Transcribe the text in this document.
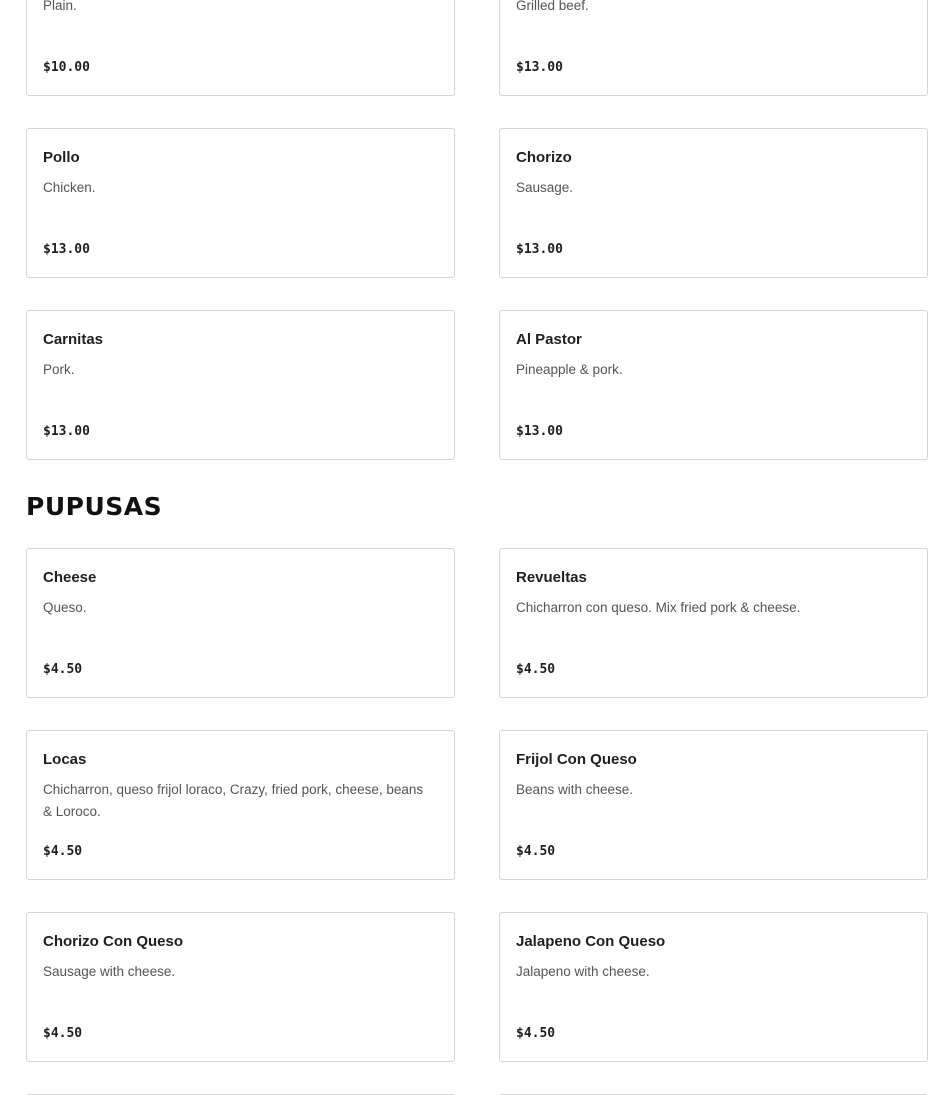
Plain.
$10.00
Grilled beef.
$13.00
Pollo
Chicken.
$13.00
Chorizo
Sausage.
$13.00
Carnitas
Pork.
$13.00
Al Pastor
Pineapple & pork.
$13.00
PUPUSAS
Cheese
Queso.
$4.50
Revueltas
Chicharron con queso. Mix fried pork & cheese.
$4.50
Locas
Chicharron, queso frijol loraco, Crazy, fried pork, cheese, beans & Loroco.
$4.50
Frijol Con Queso
Beans with cheese.
$4.50
Chorizo Con Queso
Sausage with cheese.
$4.50
Jalapeno Con Queso
Jalapeno with cheese.
$4.50
